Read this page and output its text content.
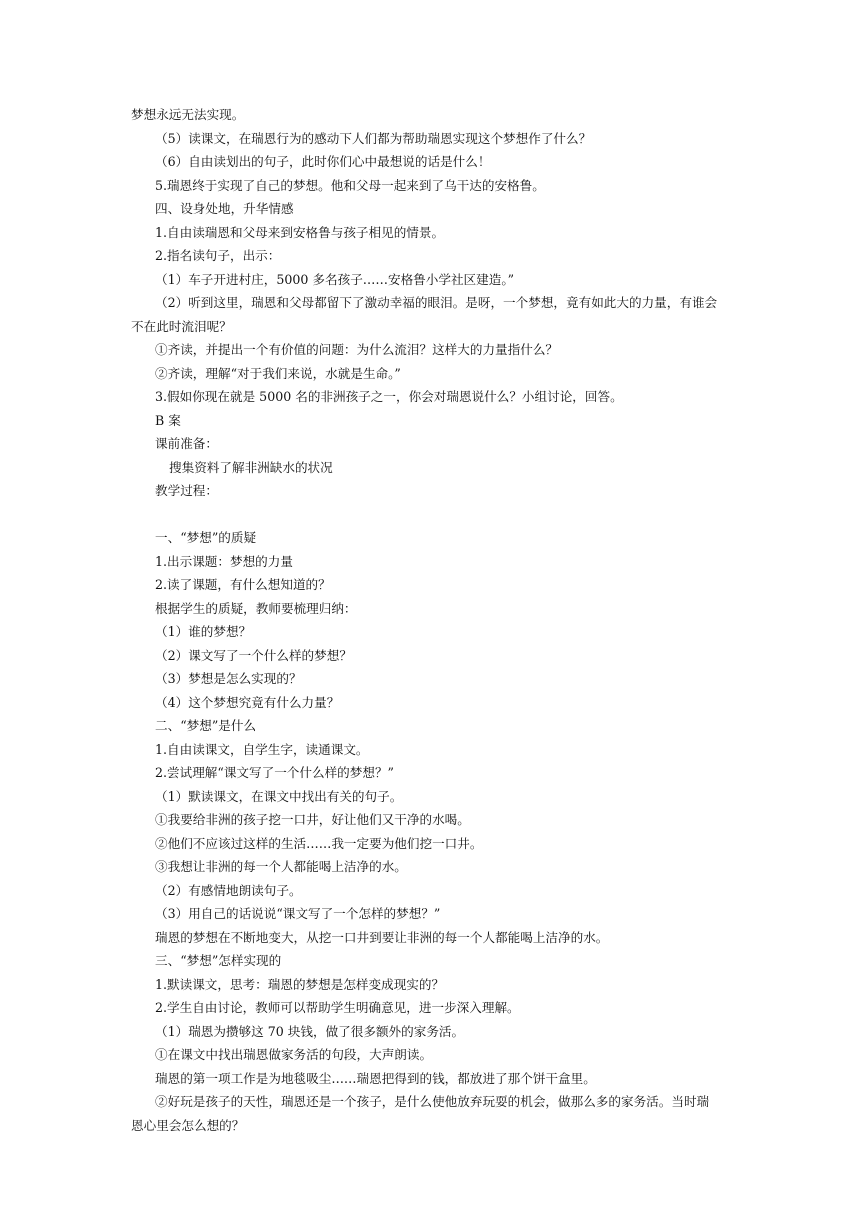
梦想永远无法实现。
（5）读课文，在瑞恩行为的感动下人们都为帮助瑞恩实现这个梦想作了什么？
（6）自由读划出的句子，此时你们心中最想说的话是什么！
5.瑞恩终于实现了自己的梦想。他和父母一起来到了乌干达的安格鲁。
四、设身处地，升华情感
1.自由读瑞恩和父母来到安格鲁与孩子相见的情景。
2.指名读句子，出示：
（1）车子开进村庄，5000 多名孩子……安格鲁小学社区建造。”
（2）听到这里，瑞恩和父母都留下了激动幸福的眼泪。是呀，一个梦想，竟有如此大的力量，有谁会
不在此时流泪呢？
①齐读，并提出一个有价值的问题：为什么流泪？这样大的力量指什么？
②齐读，理解“对于我们来说，水就是生命。”
3.假如你现在就是 5000 名的非洲孩子之一，你会对瑞恩说什么？小组讨论，回答。
B 案
课前准备：
搜集资料了解非洲缺水的状况
教学过程：
一、“梦想”的质疑
1.出示课题：梦想的力量
2.读了课题，有什么想知道的？
根据学生的质疑，教师要梳理归纳：
（1）谁的梦想？
（2）课文写了一个什么样的梦想？
（3）梦想是怎么实现的？
（4）这个梦想究竟有什么力量？
二、“梦想”是什么
1.自由读课文，自学生字，读通课文。
2.尝试理解“课文写了一个什么样的梦想？”
（1）默读课文，在课文中找出有关的句子。
①我要给非洲的孩子挖一口井，好让他们又干净的水喝。
②他们不应该过这样的生活……我一定要为他们挖一口井。
③我想让非洲的每一个人都能喝上洁净的水。
（2）有感情地朗读句子。
（3）用自己的话说说“课文写了一个怎样的梦想？”
瑞恩的梦想在不断地变大，从挖一口井到要让非洲的每一个人都能喝上洁净的水。
三、“梦想”怎样实现的
1.默读课文，思考：瑞恩的梦想是怎样变成现实的？
2.学生自由讨论，教师可以帮助学生明确意见，进一步深入理解。
（1）瑞恩为攒够这 70 块钱，做了很多额外的家务活。
①在课文中找出瑞恩做家务活的句段，大声朗读。
瑞恩的第一项工作是为地毯吸尘……瑞恩把得到的钱，都放进了那个饼干盒里。
②好玩是孩子的天性，瑞恩还是一个孩子，是什么使他放弃玩耍的机会，做那么多的家务活。当时瑞
恩心里会怎么想的？
